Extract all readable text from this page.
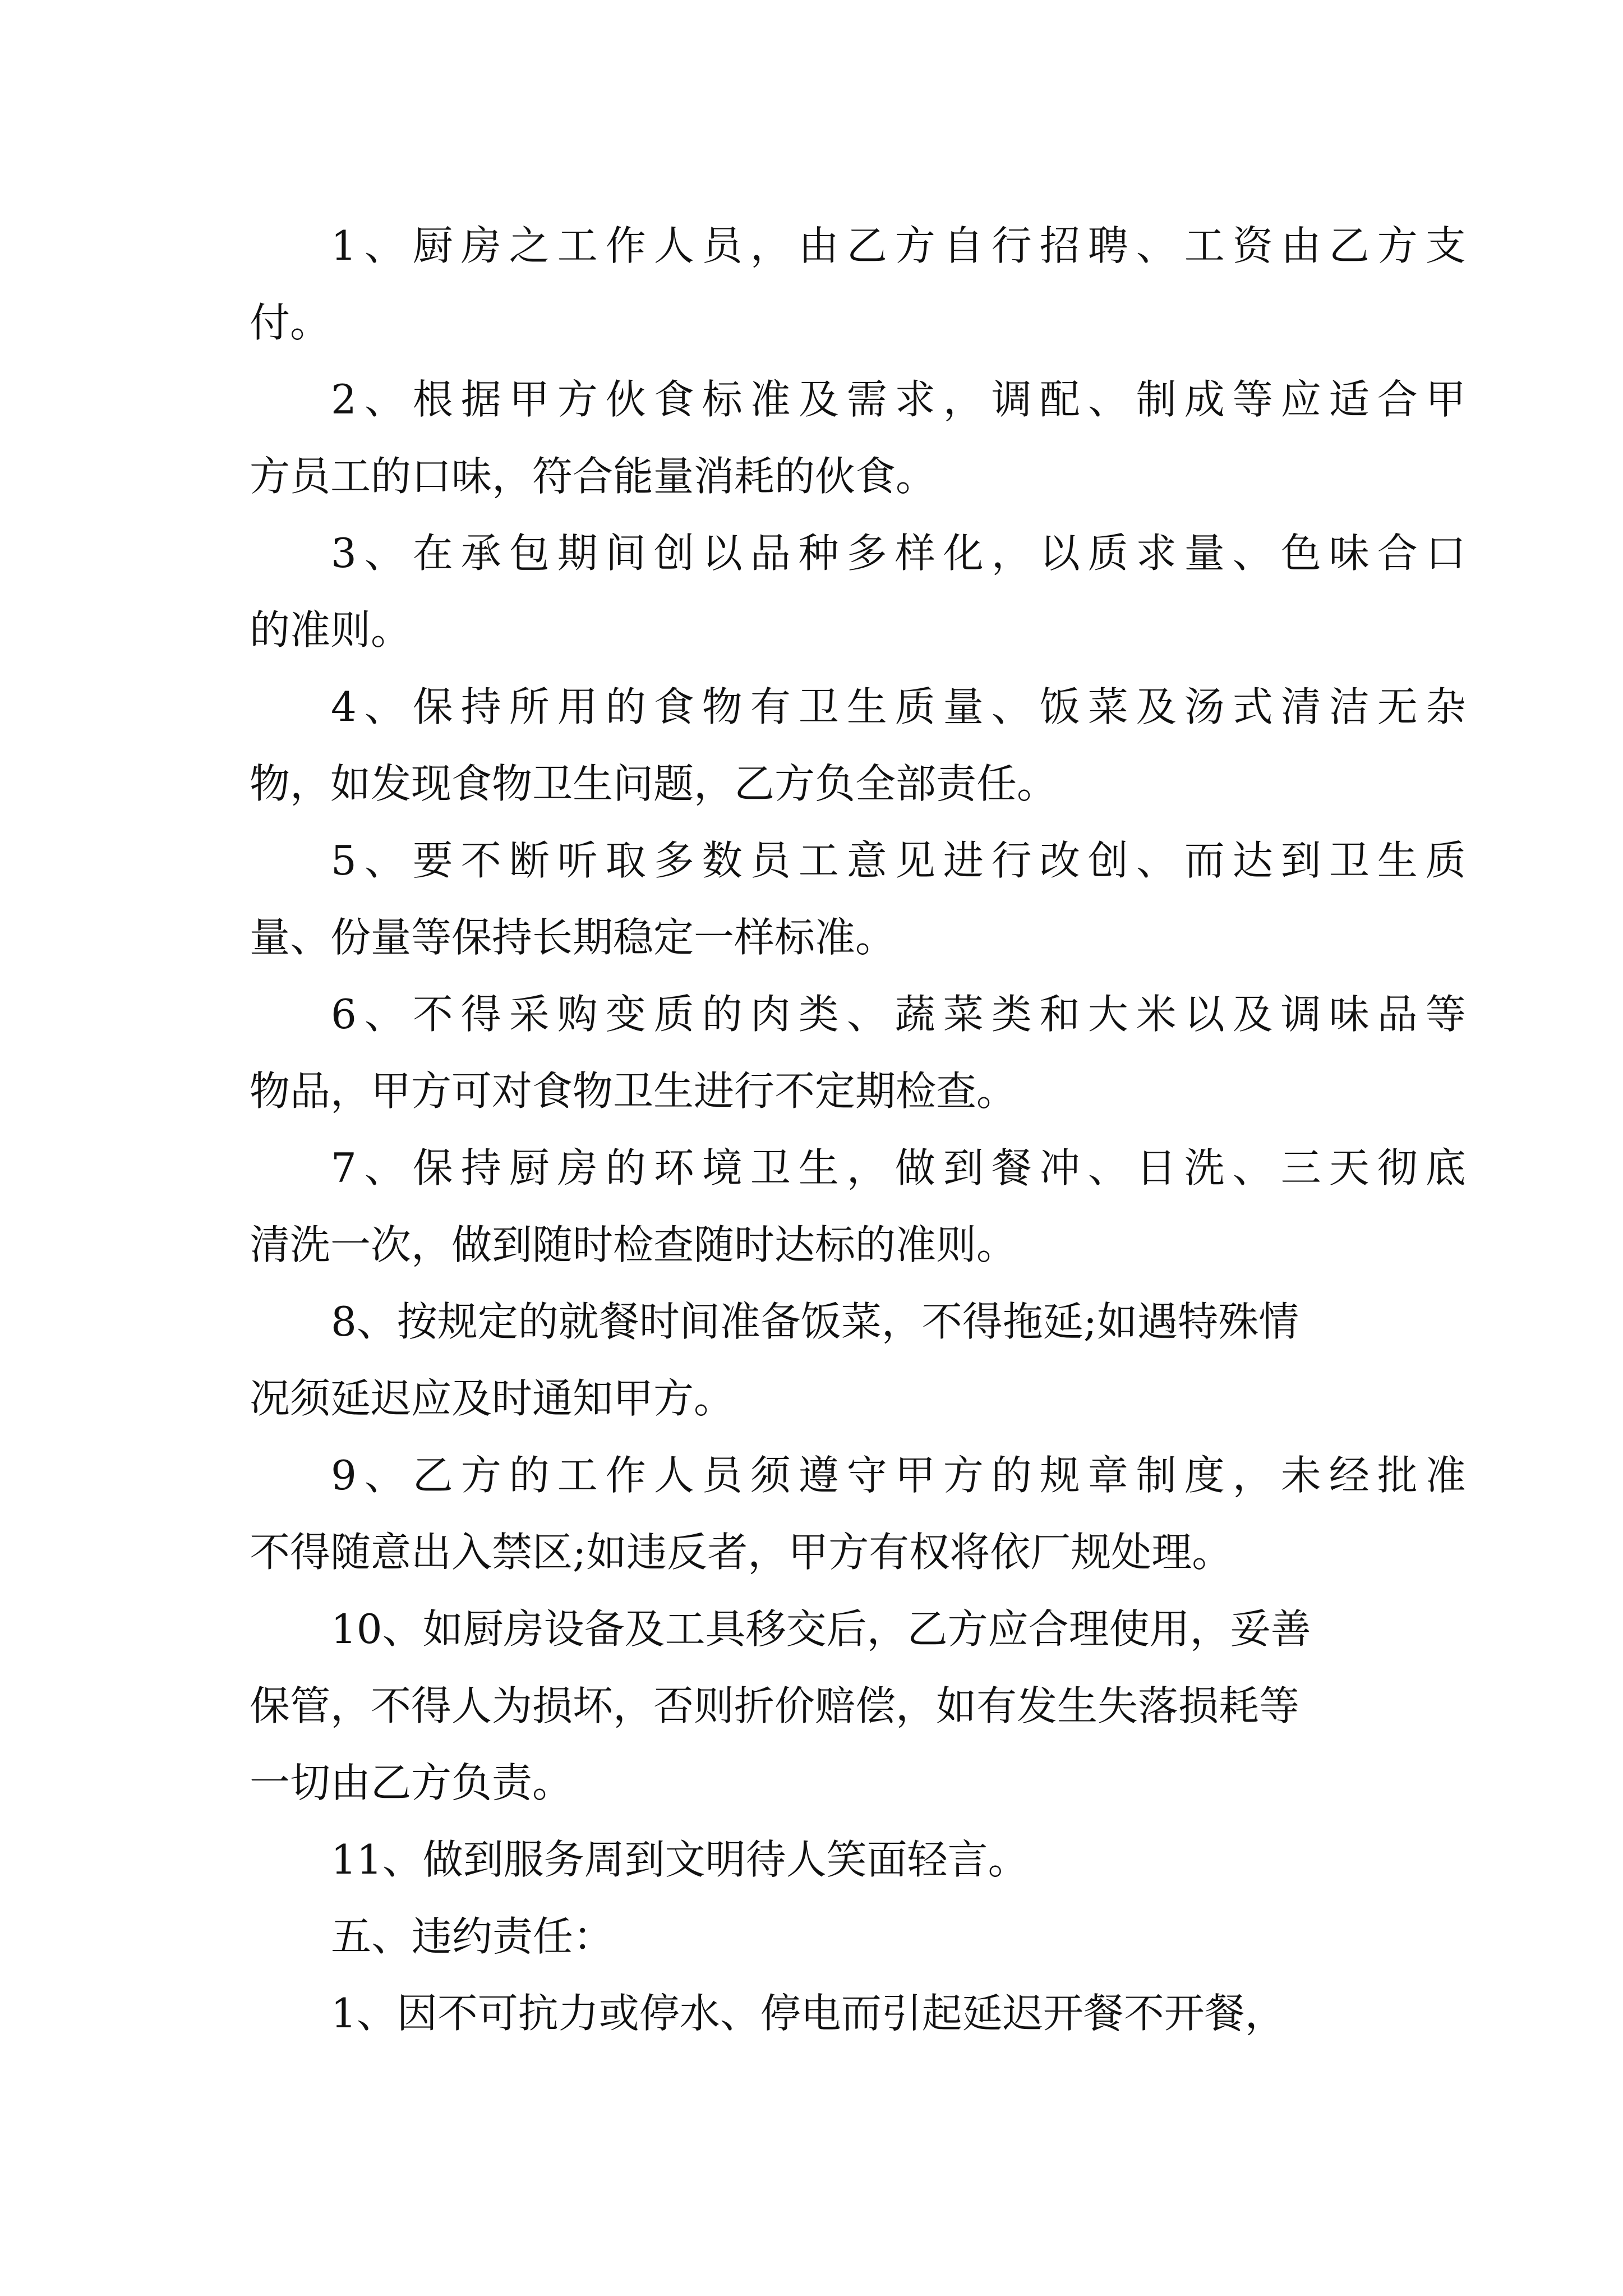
1、厨房之工作人员，由乙方自行招聘、工资由乙方支
付。
2、根据甲方伙食标准及需求，调配、制成等应适合甲
方员工的口味，符合能量消耗的伙食。
3、在承包期间创以品种多样化，以质求量、色味合口
的准则。
4、保持所用的食物有卫生质量、饭菜及汤式清洁无杂
物，如发现食物卫生问题，乙方负全部责任。
5、要不断听取多数员工意见进行改创、而达到卫生质
量、份量等保持长期稳定一样标准。
6、不得采购变质的肉类、蔬菜类和大米以及调味品等
物品，甲方可对食物卫生进行不定期检查。
7、保持厨房的环境卫生，做到餐冲、日洗、三天彻底
清洗一次，做到随时检查随时达标的准则。
8、按规定的就餐时间准备饭菜，不得拖延;如遇特殊情
况须延迟应及时通知甲方。
9、乙方的工作人员须遵守甲方的规章制度，未经批准
不得随意出入禁区;如违反者，甲方有权将依厂规处理。
10、如厨房设备及工具移交后，乙方应合理使用，妥善
保管，不得人为损坏，否则折价赔偿，如有发生失落损耗等
一切由乙方负责。
11、做到服务周到文明待人笑面轻言。
五、违约责任：
1、因不可抗力或停水、停电而引起延迟开餐不开餐，
